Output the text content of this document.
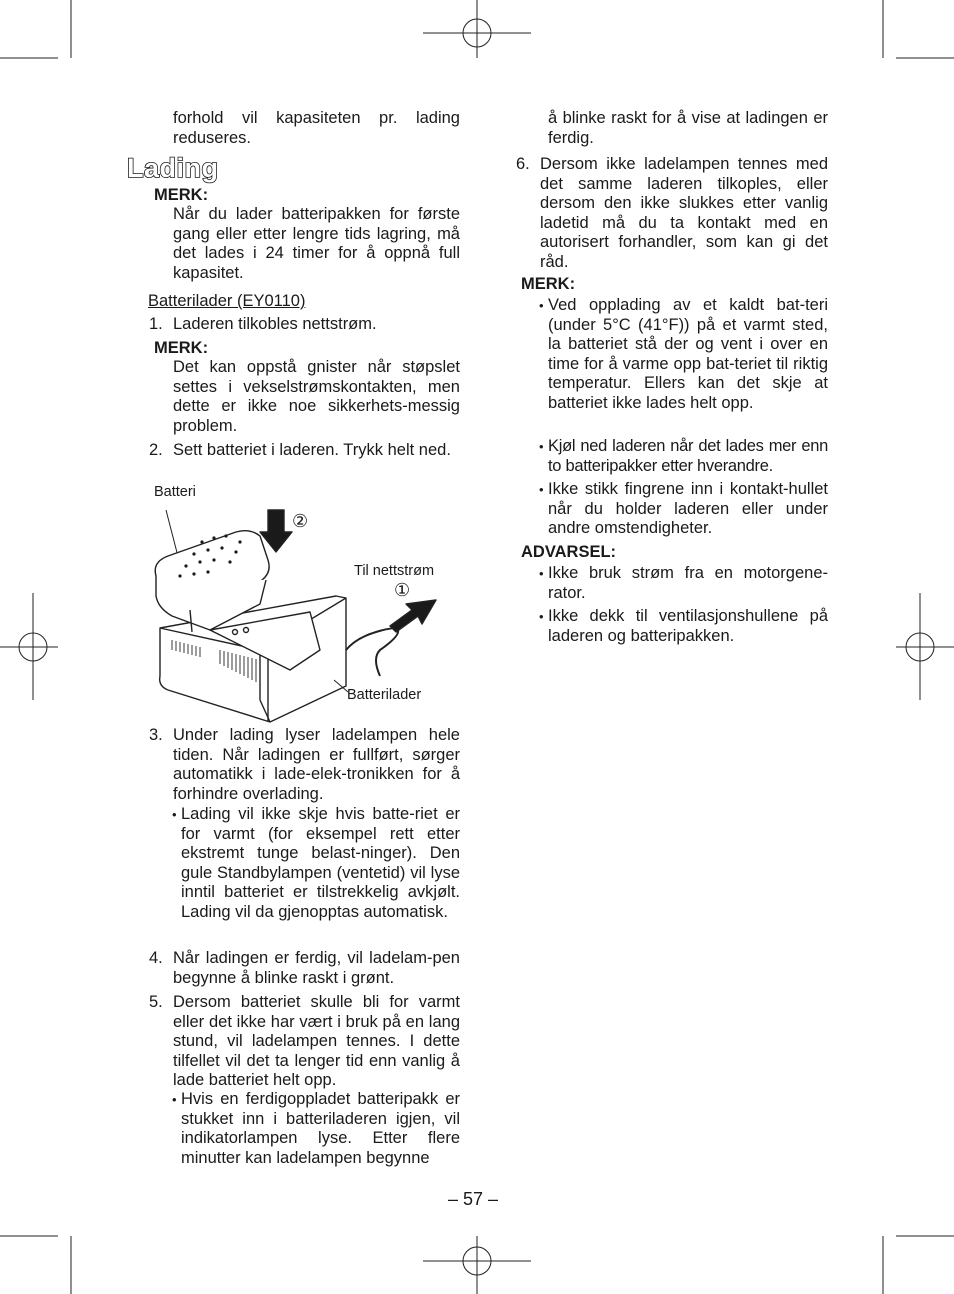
forhold vil kapasiteten pr. lading reduseres.
Lading
MERK:
Når du lader batteripakken for første gang eller etter lengre tids lagring, må det lades i 24 timer for å oppnå full kapasitet.
Batterilader (EY0110)
1. Laderen tilkobles nettstrøm.
MERK:
Det kan oppstå gnister når støpslet settes i vekselstrømskontakten, men dette er ikke noe sikkerhets-messig problem.
2. Sett batteriet i laderen. Trykk helt ned.
Batteri
Til nettstrøm
Batterilader
②
①
3. Under lading lyser ladelampen hele tiden. Når ladingen er fullført, sørger automatikk i lade-elek-tronikken for å forhindre overlading.
• Lading vil ikke skje hvis batte-riet er for varmt (for eksempel rett etter ekstremt tunge belast-ninger). Den gule Standbylampen (ventetid) vil lyse inntil batteriet er tilstrekkelig avkjølt. Lading vil da gjenopptas automatisk.
4. Når ladingen er ferdig, vil ladelam-pen begynne å blinke raskt i grønt.
5. Dersom batteriet skulle bli for varmt eller det ikke har vært i bruk på en lang stund, vil ladelampen tennes. I dette tilfellet vil det ta lenger tid enn vanlig å lade batteriet helt opp.
• Hvis en ferdigoppladet batteripakk er stukket inn i batteriladeren igjen, vil indikatorlampen lyse. Etter flere minutter kan ladelampen begynne
å blinke raskt for å vise at ladingen er ferdig.
6. Dersom ikke ladelampen tennes med det samme laderen tilkoples, eller dersom den ikke slukkes etter vanlig ladetid må du ta kontakt med en autorisert forhandler, som kan gi det råd.
MERK:
• Ved opplading av et kaldt bat-teri (under 5°C (41°F)) på et varmt sted, la batteriet stå der og vent i over en time for å varme opp bat-teriet til riktig temperatur. Ellers kan det skje at batteriet ikke lades helt opp.
• Kjøl ned laderen når det lades mer enn to batteripakker etter hverandre.
• Ikke stikk fingrene inn i kontakt-hullet når du holder laderen eller under andre omstendigheter.
ADVARSEL:
• Ikke bruk strøm fra en motorgene-rator.
• Ikke dekk til ventilasjonshullene på laderen og batteripakken.
– 57 –
